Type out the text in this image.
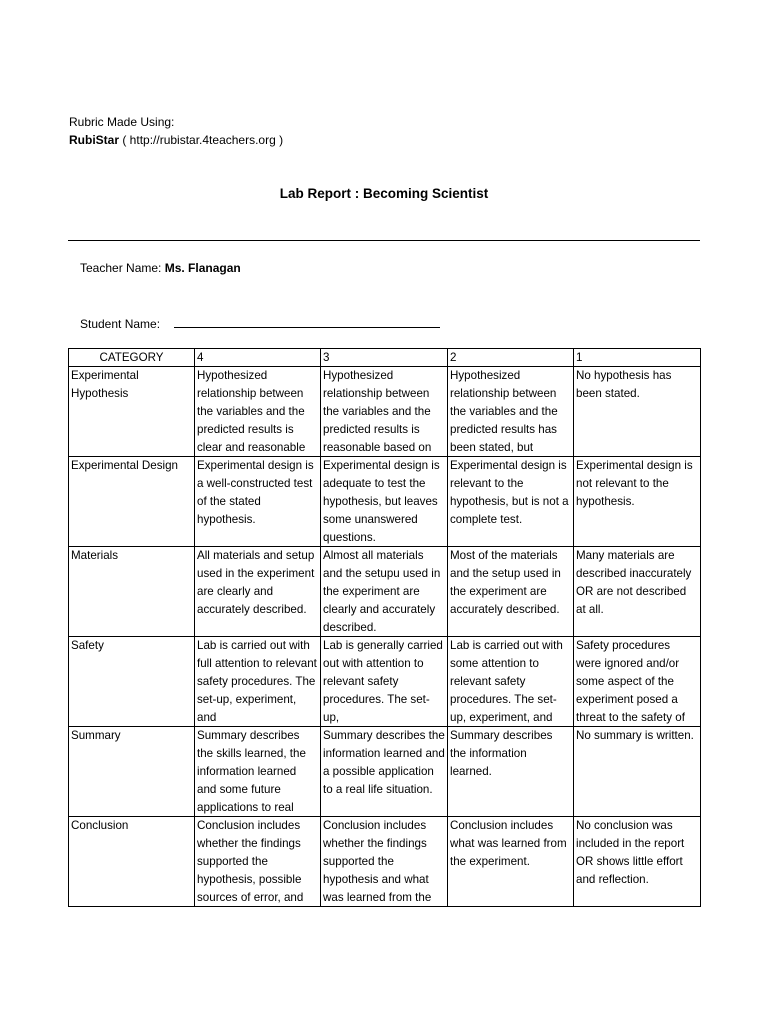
Rubric Made Using:
RubiStar ( http://rubistar.4teachers.org )
Lab Report : Becoming Scientist
Teacher Name: Ms. Flanagan
Student Name:
CATEGORY	4	3	2	1

Experimental Hypothesis	Hypothesized relationship between the variables and the predicted results is clear and reasonable	Hypothesized relationship between the variables and the predicted results is reasonable based on	Hypothesized relationship between the variables and the predicted results has been stated, but	No hypothesis has been stated.

Experimental Design	Experimental design is a well-constructed test of the stated hypothesis.	Experimental design is adequate to test the hypothesis, but leaves some unanswered questions.	Experimental design is relevant to the hypothesis, but is not a complete test.	Experimental design is not relevant to the hypothesis.

Materials	All materials and setup used in the experiment are clearly and accurately described.	Almost all materials and the setupu used in the experiment are clearly and accurately described.	Most of the materials and the setup used in the experiment are accurately described.	Many materials are described inaccurately OR are not described at all.

Safety	Lab is carried out with full attention to relevant safety procedures. The set-up, experiment, and	Lab is generally carried out with attention to relevant safety procedures. The set-up,	Lab is carried out with some attention to relevant safety procedures. The set-up, experiment, and	Safety procedures were ignored and/or some aspect of the experiment posed a threat to the safety of

Summary	Summary describes the skills learned, the information learned and some future applications to real	Summary describes the information learned and a possible application to a real life situation.	Summary describes the information learned.	No summary is written.

Conclusion	Conclusion includes whether the findings supported the hypothesis, possible sources of error, and	Conclusion includes whether the findings supported the hypothesis and what was learned from the	Conclusion includes what was learned from the experiment.	No conclusion was included in the report OR shows little effort and reflection.
